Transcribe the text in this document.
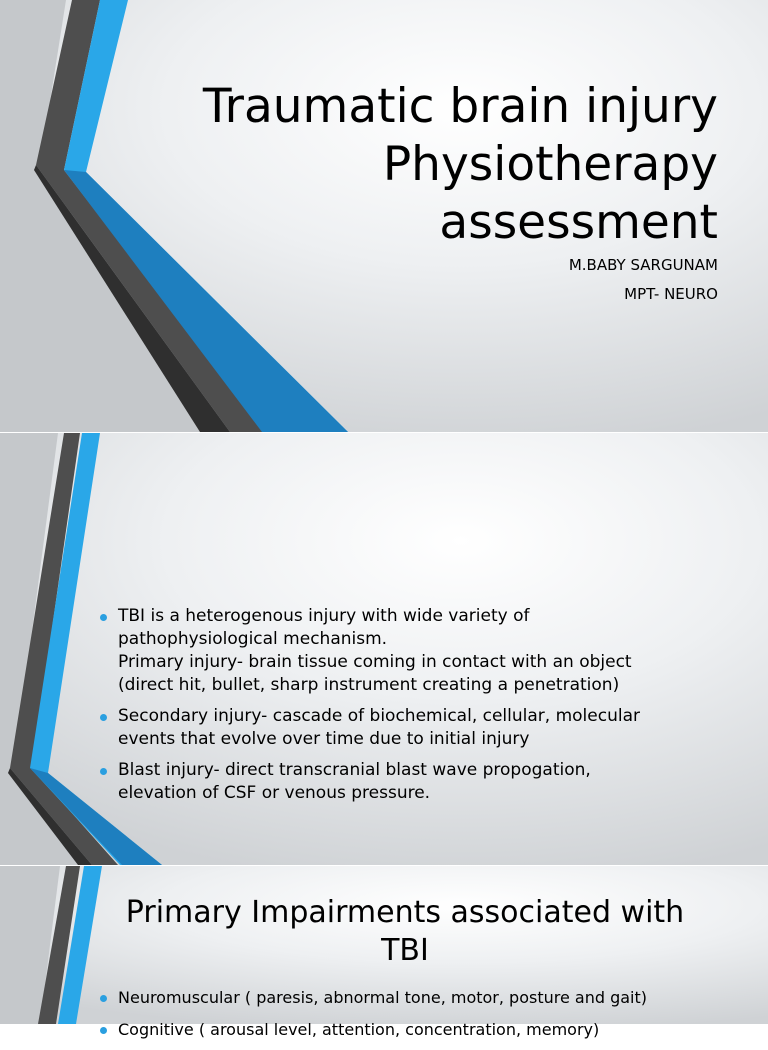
Traumatic brain injury
Physiotherapy
assessment
M.BABY SARGUNAM
MPT- NEURO
TBI is a heterogenous injury with wide variety of
pathophysiological mechanism.
Primary injury- brain tissue coming in contact with an object
(direct hit, bullet, sharp instrument creating a penetration)
Secondary injury- cascade of biochemical, cellular, molecular
events that evolve over time due to initial injury
Blast injury- direct transcranial blast wave propogation,
elevation of CSF or venous pressure.
Primary Impairments associated with
TBI
Neuromuscular ( paresis, abnormal tone, motor, posture and gait)
Cognitive ( arousal level, attention, concentration, memory)
